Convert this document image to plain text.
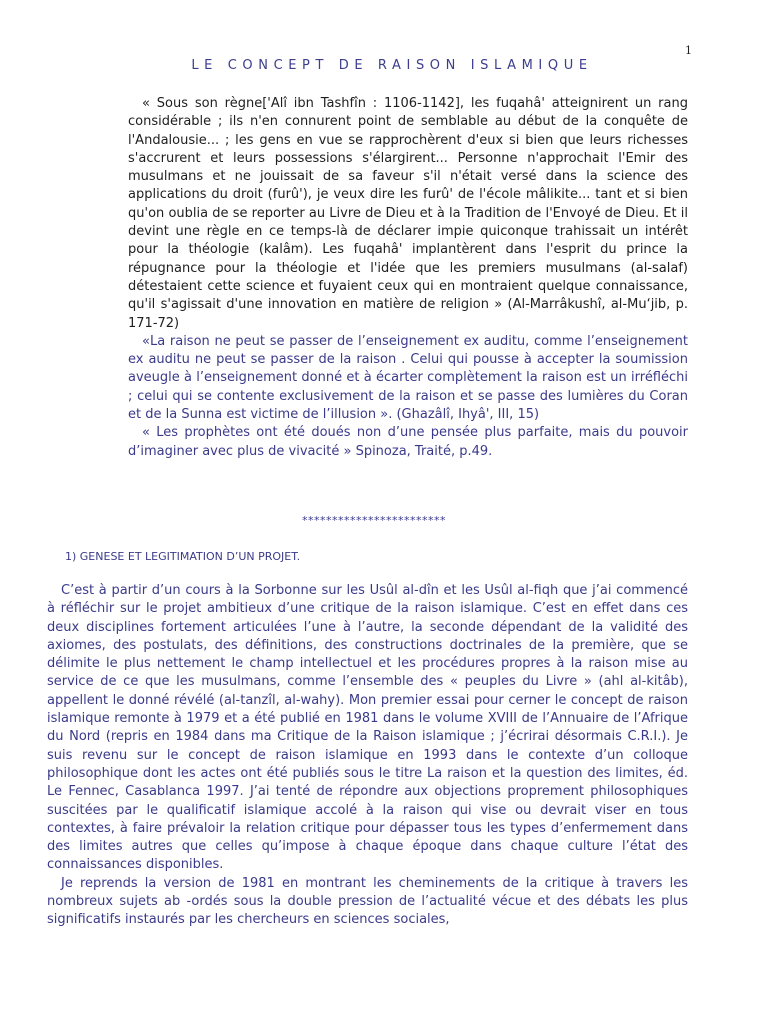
1
LE CONCEPT DE RAISON ISLAMIQUE

« Sous son règne['Alî ibn Tashfîn : 1106-1142], les fuqahâ' atteignirent un rang considérable ; ils n'en connurent point de semblable au début de la conquête de l'Andalousie... ; les gens en vue se rapprochèrent d'eux si bien que leurs richesses s'accrurent et leurs possessions s'élargirent... Personne n'approchait l'Emir des musulmans et ne jouissait de sa faveur s'il n'était versé dans la science des applications du droit (furû'), je veux dire les furû' de l'école mâlikite... tant et si bien qu'on oublia de se reporter au Livre de Dieu et à la Tradition de l'Envoyé de Dieu. Et il devint une règle en ce temps-là de déclarer impie quiconque trahissait un intérêt pour la théologie (kalâm). Les fuqahâ' implantèrent dans l'esprit du prince la répugnance pour la théologie et l'idée que les premiers musulmans (al-salaf) détestaient cette science et fuyaient ceux qui en montraient quelque connaissance, qu'il s'agissait d'une innovation en matière de religion » (Al-Marrâkushî, al-Mu‘jib, p. 171-72)

«La raison ne peut se passer de l’enseignement ex auditu, comme l’enseignement ex auditu ne peut se passer de la raison . Celui qui pousse à accepter la soumission aveugle à l’enseignement donné et à écarter complètement la raison est un irréfléchi ; celui qui se contente exclusivement de la raison et se passe des lumières du Coran et de la Sunna est victime de l’illusion ». (Ghazâlî, Ihyâ', III, 15)

« Les prophètes ont été doués non d’une pensée plus parfaite, mais du pouvoir d’imaginer avec plus de vivacité » Spinoza, Traité, p.49.

************************
1) GENESE ET LEGITIMATION D’UN PROJET.

C’est à partir d’un cours à la Sorbonne sur les Usûl al-dîn et les Usûl al-fiqh que j’ai commencé à réfléchir sur le projet ambitieux d’une critique de la raison islamique. C’est en effet dans ces deux disciplines fortement articulées l’une à l’autre, la seconde dépendant de la validité des axiomes, des postulats, des définitions, des constructions doctrinales de la première, que se délimite le plus nettement le champ intellectuel et les procédures propres à la raison mise au service de ce que les musulmans, comme l’ensemble des « peuples du Livre » (ahl al-kitâb), appellent le donné révélé (al-tanzîl, al-wahy). Mon premier essai pour cerner le concept de raison islamique remonte à 1979 et a été publié en 1981 dans le volume XVIII de l’Annuaire de l’Afrique du Nord (repris en 1984 dans ma Critique de la Raison islamique ; j’écrirai désormais C.R.I.). Je suis revenu sur le concept de raison islamique en 1993 dans le contexte d’un colloque philosophique dont les actes ont été publiés sous le titre La raison et la question des limites, éd. Le Fennec, Casablanca 1997. J’ai tenté de répondre aux objections proprement philosophiques suscitées par le qualificatif islamique accolé à la raison qui vise ou devrait viser en tous contextes, à faire prévaloir la relation critique pour dépasser tous les types d’enfermement dans des limites autres que celles qu’impose à chaque époque dans chaque culture l’état des connaissances disponibles.

Je reprends la version de 1981 en montrant les cheminements de la critique à travers les nombreux sujets ab -ordés sous la double pression de l’actualité vécue et des débats les plus significatifs instaurés par les chercheurs en sciences sociales,
